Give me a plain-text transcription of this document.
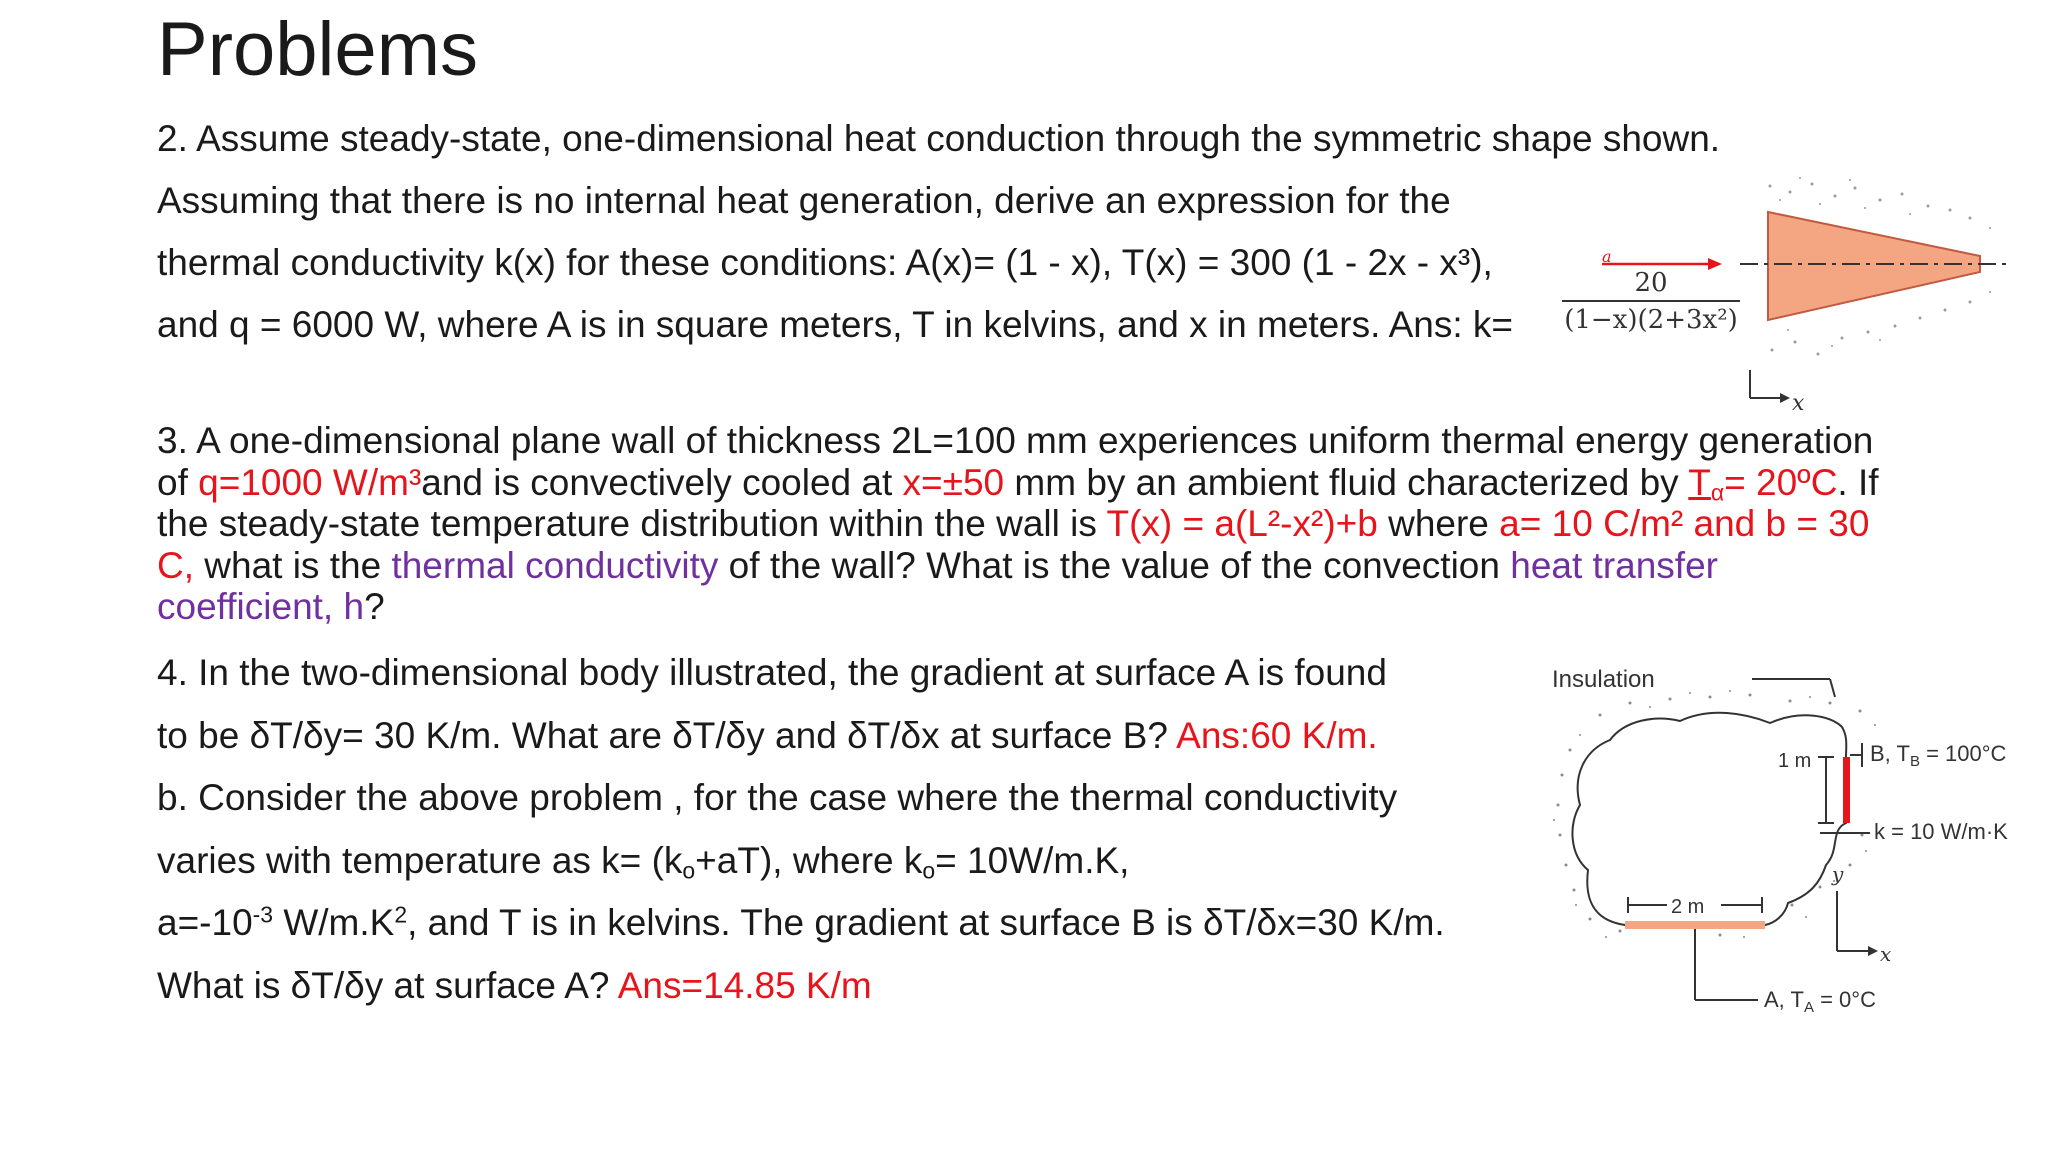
Problems
2. Assume steady-state, one-dimensional heat conduction through the symmetric shape shown.
Assuming that there is no internal heat generation, derive an expression for the
thermal conductivity k(x) for these conditions: A(x)= (1 - x), T(x) = 300 (1 - 2x - x³),
and q = 6000 W, where A is in square meters, T in kelvins, and x in meters. Ans: k=
20
(1−x)(2+3x²)
a
x
3. A one-dimensional plane wall of thickness 2L=100 mm experiences uniform thermal energy generation
of q=1000 W/m³and is convectively cooled at x=±50 mm by an ambient fluid characterized by $T_\alpha=$ 20ºC. If
the steady-state temperature distribution within the wall is T(x) = a(L²-x²)+b where a= 10 C/m² and b = 30
C, what is the thermal conductivity of the wall? What is the value of the convection heat transfer
coefficient, h?
4. In the two-dimensional body illustrated, the gradient at surface A is found
to be δT/δy= 30 K/m. What are δT/δy and δT/δx at surface B? Ans:60 K/m.
b. Consider the above problem , for the case where the thermal conductivity
varies with temperature as $k= (k_o+aT)$, where $k_o= 10W/m.K$,
$a=-10^{-3}$ $W/m.K^2$, and T is in kelvins. The gradient at surface B is δT/δx=30 K/m.
What is δT/δy at surface A? Ans=14.85 K/m
Insulation
1 m	B, $T_B = 100^\circ C$
k = 10 W/m·K
2 m
y
x
A, $T_A = 0^\circ C$
